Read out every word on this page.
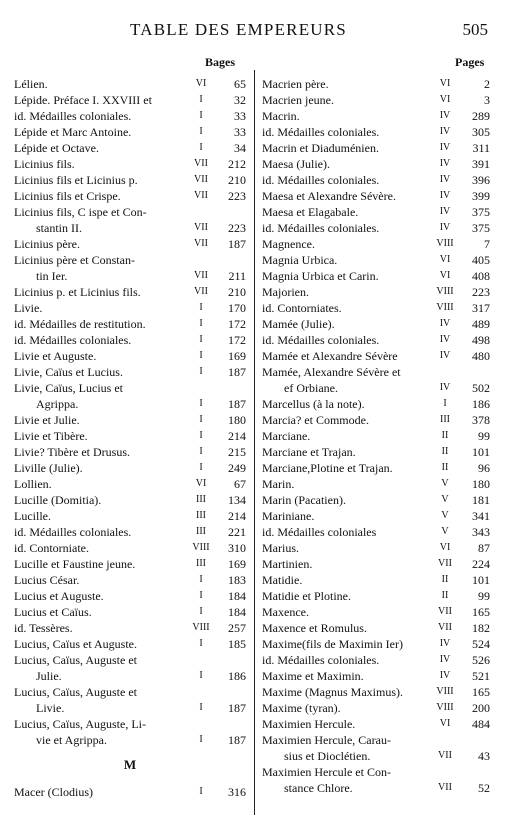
TABLE DES EMPEREURS	505
Bages	Pages
Lélien.	VI	65
Lépide. Préface I. XXVIII et	I	32
id. Médailles coloniales.	I	33
Lépide et Marc Antoine.	I	33
Lépide et Octave.	I	34
Licinius fils.	VII	212
Licinius fils et Licinius p.	VII	210
Licinius fils et Crispe.	VII	223
Licinius fils, C ispe et Con-
stantin II.	VII	223
Licinius père.	VII	187
Licinius père et Constan-
tin Ier.	VII	211
Licinius p. et Licinius fils.	VII	210
Livie.	I	170
id. Médailles de restitution.	I	172
id. Médailles coloniales.	I	172
Livie et Auguste.	I	169
Livie, Caïus et Lucius.	I	187
Livie, Caïus, Lucius et
Agrippa.	I	187
Livie et Julie.	I	180
Livie et Tibère.	I	214
Livie? Tibère et Drusus.	I	215
Liville (Julie).	I	249
Lollien.	VI	67
Lucille (Domitia).	III	134
Lucille.	III	214
id. Médailles coloniales.	III	221
id. Contorniate.	VIII	310
Lucille et Faustine jeune.	III	169
Lucius César.	I	183
Lucius et Auguste.	I	184
Lucius et Caïus.	I	184
id. Tessères.	VIII	257
Lucius, Caïus et Auguste.	I	185
Lucius, Caïus, Auguste et
Julie.	I	186
Lucius, Caïus, Auguste et
Livie.	I	187
Lucius, Caïus, Auguste, Li-
vie et Agrippa.	I	187
M
Macer (Clodius)	I	316
Macrien père.	VI	2
Macrien jeune.	VI	3
Macrin.	IV	289
id. Médailles coloniales.	IV	305
Macrin et Diaduménien.	IV	311
Maesa (Julie).	IV	391
id. Médailles coloniales.	IV	396
Maesa et Alexandre Sévère.	IV	399
Maesa et Elagabale.	IV	375
id. Médailles coloniales.	IV	375
Magnence.	VIII	7
Magnia Urbica.	VI	405
Magnia Urbica et Carin.	VI	408
Majorien.	VIII	223
id. Contorniates.	VIII	317
Mamée (Julie).	IV	489
id. Médailles coloniales.	IV	498
Mamée et Alexandre Sévère	IV	480
Mamée, Alexandre Sévère et
ef Orbiane.	IV	502
Marcellus (à la note).	I	186
Marcia? et Commode.	III	378
Marciane.	II	99
Marciane et Trajan.	II	101
Marciane,Plotine et Trajan.	II	96
Marin.	V	180
Marin (Pacatien).	V	181
Mariniane.	V	341
id. Médailles coloniales	V	343
Marius.	VI	87
Martinien.	VII	224
Matidie.	II	101
Matidie et Plotine.	II	99
Maxence.	VII	165
Maxence et Romulus.	VII	182
Maxime(fils de Maximin Ier)	IV	524
id. Médailles coloniales.	IV	526
Maxime et Maximin.	IV	521
Maxime (Magnus Maximus).	VIII	165
Maxime (tyran).	VIII	200
Maximien Hercule.	VI	484
Maximien Hercule, Carau-
sius et Dioclétien.	VII	43
Maximien Hercule et Con-
stance Chlore.	VII	52
